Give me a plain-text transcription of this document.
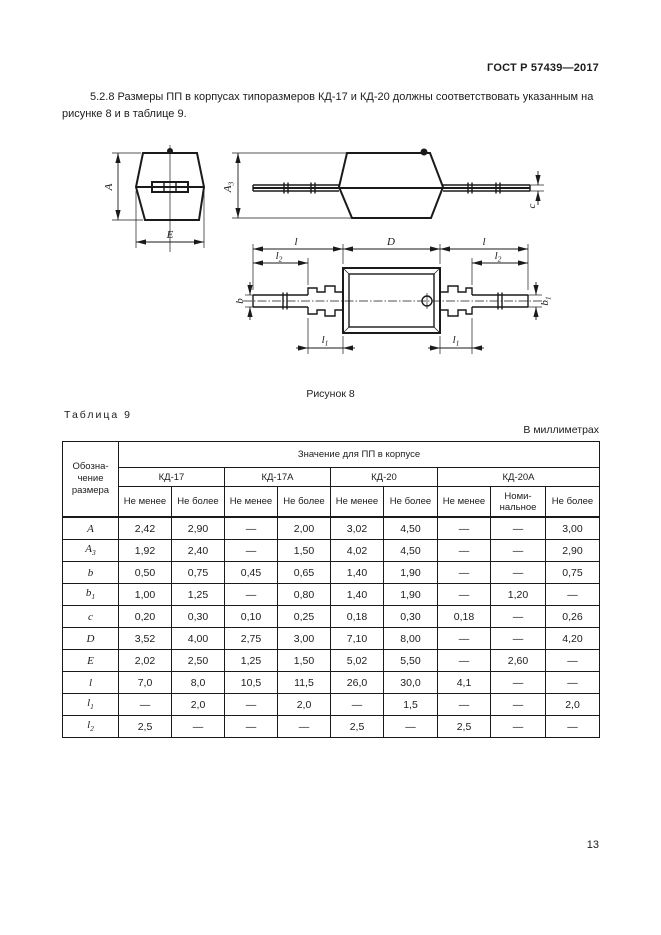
ГОСТ Р 57439—2017

5.2.8 Размеры ПП в корпусах типоразмеров КД-17 и КД-20 должны соответствовать указанным на рисунке 8 и в таблице 9.

A
E
$A_3$
c
l	D	l
$l_2$	$l_2$
b	$b_1$
$l_1$	$l_1$
Рисунок 8
Таблица 9
В миллиметрах
Обозна-
чение
размера	Значение для ПП в корпусе								
	КД-17		КД-17А		КД-20		КД-20А		
	Не менее	Не более	Не менее	Не более	Не менее	Не более	Не менее	Номи-нальное	Не более
A	2,42	2,90	—	2,00	3,02	4,50	—	—	3,00
$A_3$	1,92	2,40	—	1,50	4,02	4,50	—	—	2,90
b	0,50	0,75	0,45	0,65	1,40	1,90	—	—	0,75
$b_1$	1,00	1,25	—	0,80	1,40	1,90	—	1,20	—
c	0,20	0,30	0,10	0,25	0,18	0,30	0,18	—	0,26
D	3,52	4,00	2,75	3,00	7,10	8,00	—	—	4,20
E	2,02	2,50	1,25	1,50	5,02	5,50	—	2,60	—
l	7,0	8,0	10,5	11,5	26,0	30,0	4,1	—	—
$l_1$	—	2,0	—	2,0	—	1,5	—	—	2,0
$l_2$	2,5	—	—	—	2,5	—	2,5	—	—
13
